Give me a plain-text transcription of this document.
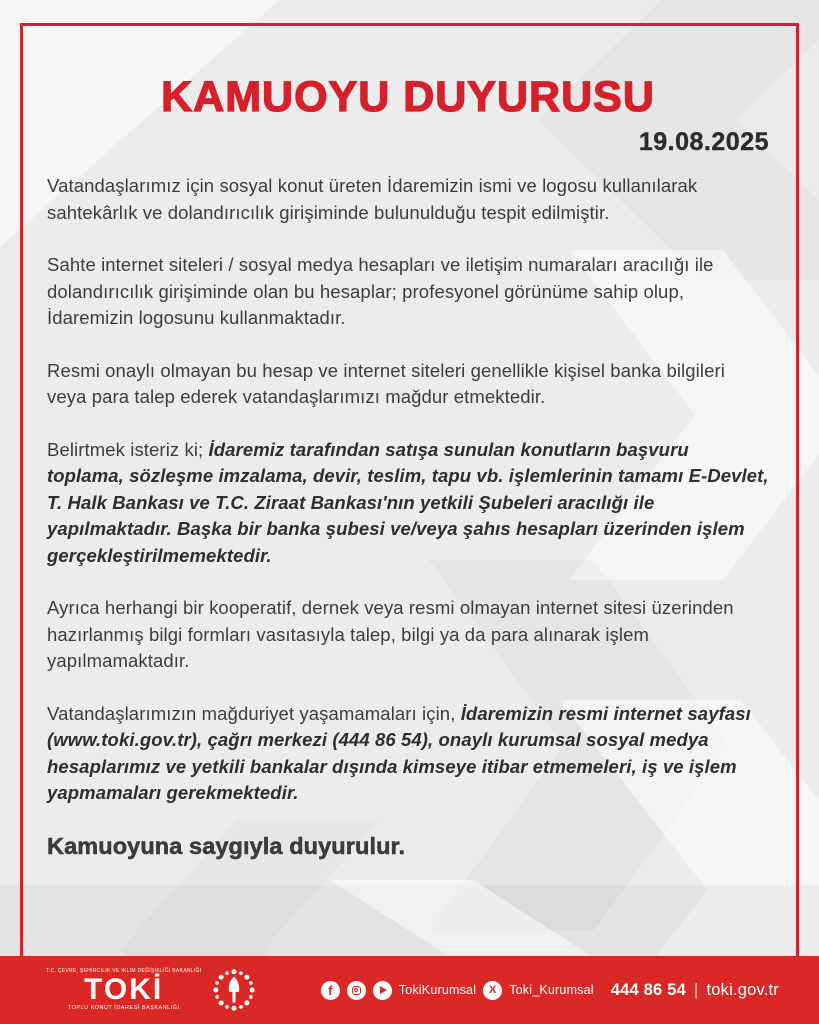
KAMUOYU DUYURUSU
19.08.2025

Vatandaşlarımız için sosyal konut üreten İdaremizin ismi ve logosu kullanılarak sahtekârlık ve dolandırıcılık girişiminde bulunulduğu tespit edilmiştir.

Sahte internet siteleri / sosyal medya hesapları ve iletişim numaraları aracılığı ile dolandırıcılık girişiminde olan bu hesaplar; profesyonel görünüme sahip olup, İdaremizin logosunu kullanmaktadır.

Resmi onaylı olmayan bu hesap ve internet siteleri genellikle kişisel banka bilgileri veya para talep ederek vatandaşlarımızı mağdur etmektedir.

Belirtmek isteriz ki; İdaremiz tarafından satışa sunulan konutların başvuru toplama, sözleşme imzalama, devir, teslim, tapu vb. işlemlerinin tamamı E-Devlet, T. Halk Bankası ve T.C. Ziraat Bankası'nın yetkili Şubeleri aracılığı ile yapılmaktadır. Başka bir banka şubesi ve/veya şahıs hesapları üzerinden işlem gerçekleştirilmemektedir.

Ayrıca herhangi bir kooperatif, dernek veya resmi olmayan internet sitesi üzerinden hazırlanmış bilgi formları vasıtasıyla talep, bilgi ya da para alınarak işlem yapılmamaktadır.

Vatandaşlarımızın mağduriyet yaşamamaları için, İdaremizin resmi internet sayfası (www.toki.gov.tr), çağrı merkezi (444 86 54), onaylı kurumsal sosyal medya hesaplarımız ve yetkili bankalar dışında kimseye itibar etmemeleri, iş ve işlem yapmamaları gerekmektedir.

Kamuoyuna saygıyla duyurulur.

T.C. ÇEVRE, ŞEHİRCİLİK VE İKLİM DEĞİŞİKLİĞİ BAKANLIĞI
TOKİ
TOPLU KONUT İDARESİ BAŞKANLIĞI
f	TokiKurumsal X Toki_Kurumsal 444 86 54 | toki.gov.tr
